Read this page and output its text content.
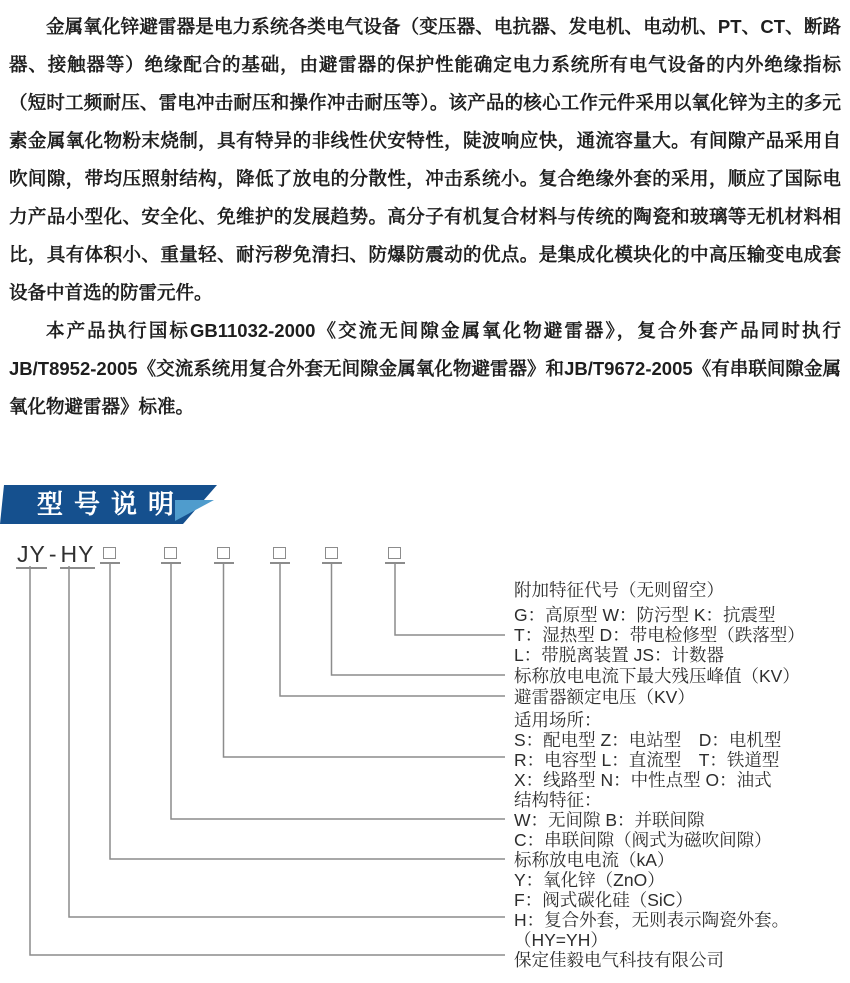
金属氧化锌避雷器是电力系统各类电气设备（变压器、电抗器、发电机、电动机、PT、CT、断路器、接触器等）绝缘配合的基础，由避雷器的保护性能确定电力系统所有电气设备的内外绝缘指标（短时工频耐压、雷电冲击耐压和操作冲击耐压等）。该产品的核心工作元件采用以氧化锌为主的多元素金属氧化物粉末烧制，具有特异的非线性伏安特性，陡波响应快，通流容量大。有间隙产品采用自吹间隙，带均压照射结构，降低了放电的分散性，冲击系统小。复合绝缘外套的采用，顺应了国际电力产品小型化、安全化、免维护的发展趋势。高分子有机复合材料与传统的陶瓷和玻璃等无机材料相比，具有体积小、重量轻、耐污秽免清扫、防爆防震动的优点。是集成化模块化的中高压输变电成套设备中首选的防雷元件。

本产品执行国标GB11032-2000《交流无间隙金属氧化物避雷器》，复合外套产品同时执行JB/T8952-2005《交流系统用复合外套无间隙金属氧化物避雷器》和JB/T9672-2005《有串联间隙金属氧化物避雷器》标准。

型号说明
JY - HY
附加特征代号（无则留空）
G：高原型 W：防污型 K：抗震型
T：湿热型 D：带电检修型（跌落型）
L：带脱离装置 JS：计数器
标称放电电流下最大残压峰值（KV）
避雷器额定电压（KV）
适用场所：
S：配电型 Z：电站型　D：电机型
R：电容型 L：直流型　T：铁道型
X：线路型 N：中性点型 O：油式
结构特征：
W：无间隙 B：并联间隙
C：串联间隙（阀式为磁吹间隙）
标称放电电流（kA）
Y：氧化锌（ZnO）
F：阀式碳化硅（SiC）
H：复合外套，无则表示陶瓷外套。
（HY=YH）
保定佳毅电气科技有限公司
